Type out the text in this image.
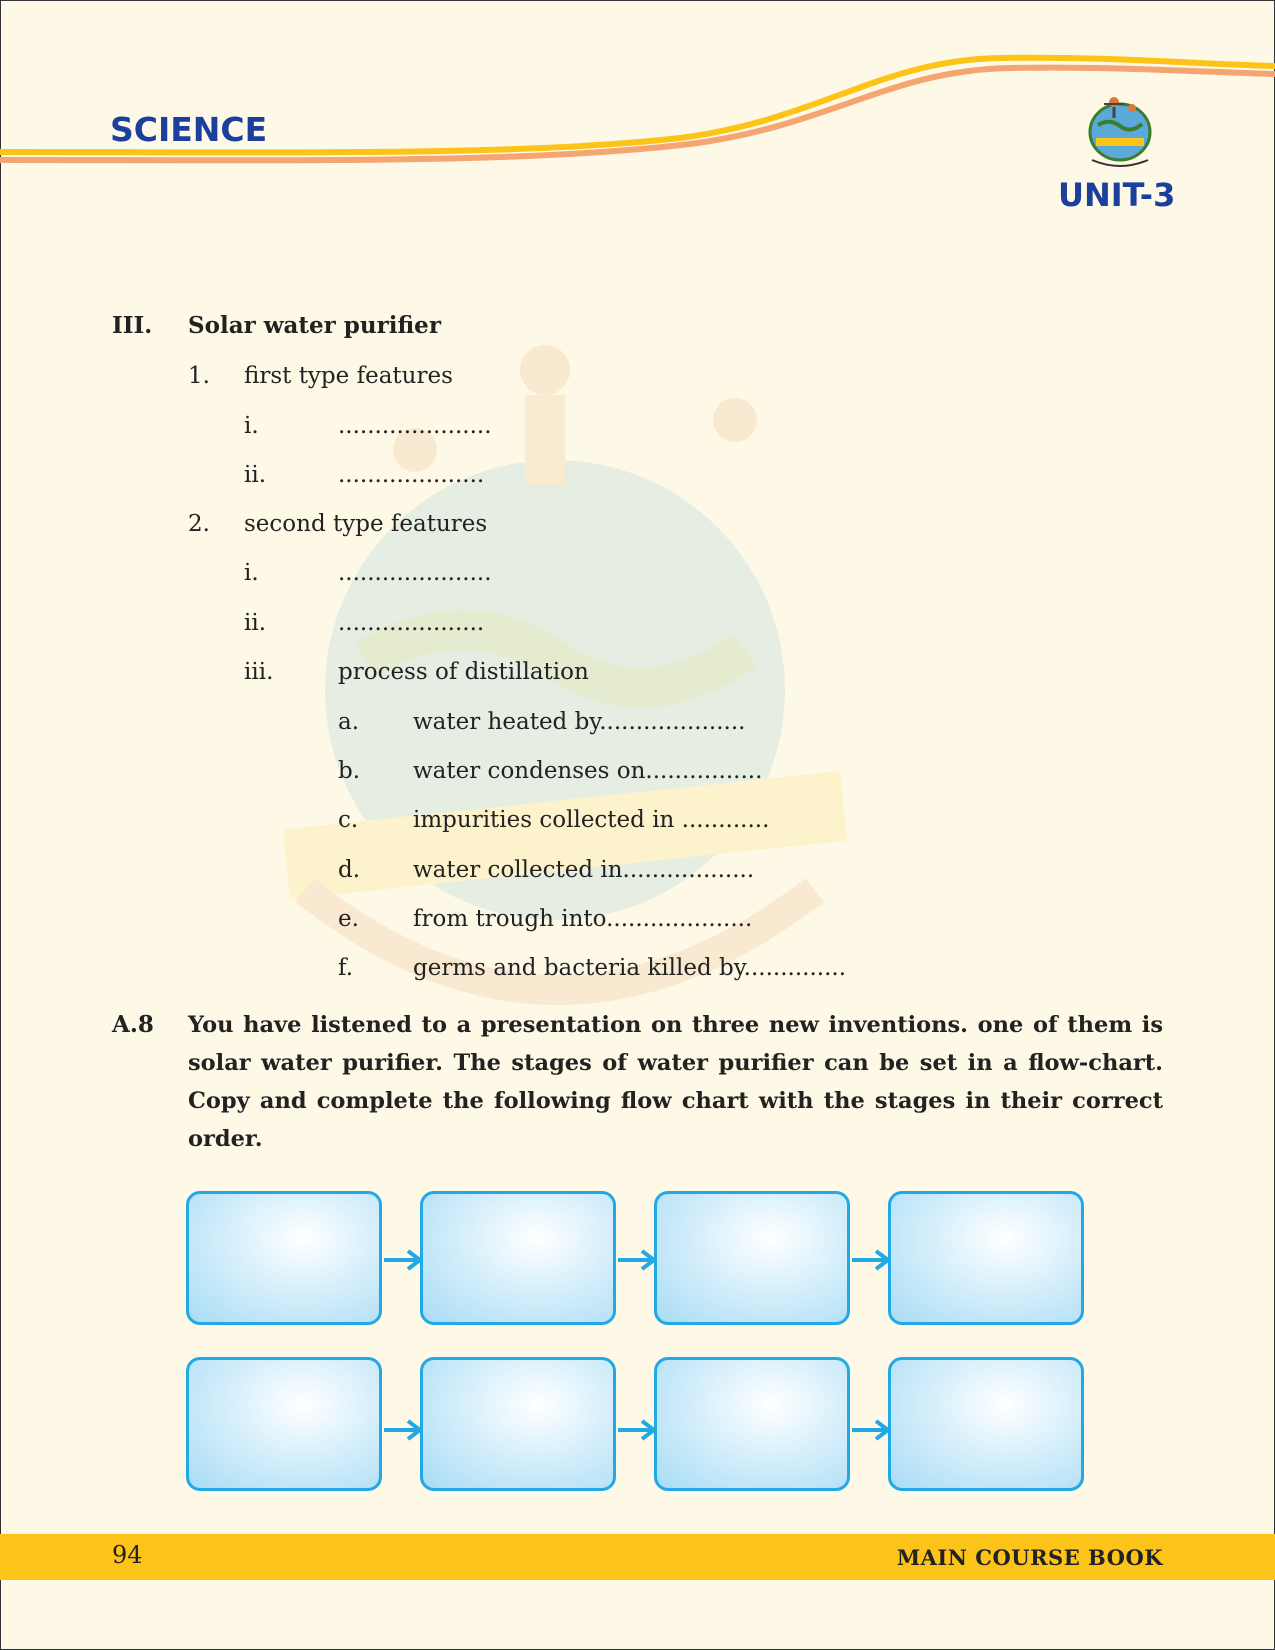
SCIENCE
UNIT-3
III. Solar water purifier
1. first type features
i.	.....................
ii.	....................
2. second type features
i.	.....................
ii.	....................
iii.	process of distillation
a. water heated by....................
b. water condenses on................
c. impurities collected in ............
d. water collected in..................
e. from trough into....................
f.	germs and bacteria killed by..............
A.8 You have listened to a presentation on three new inventions. one of them is solar water purifier. The stages of water purifier can be set in a flow-chart. Copy and complete the following flow chart with the stages in their correct order.
94	MAIN COURSE BOOK
